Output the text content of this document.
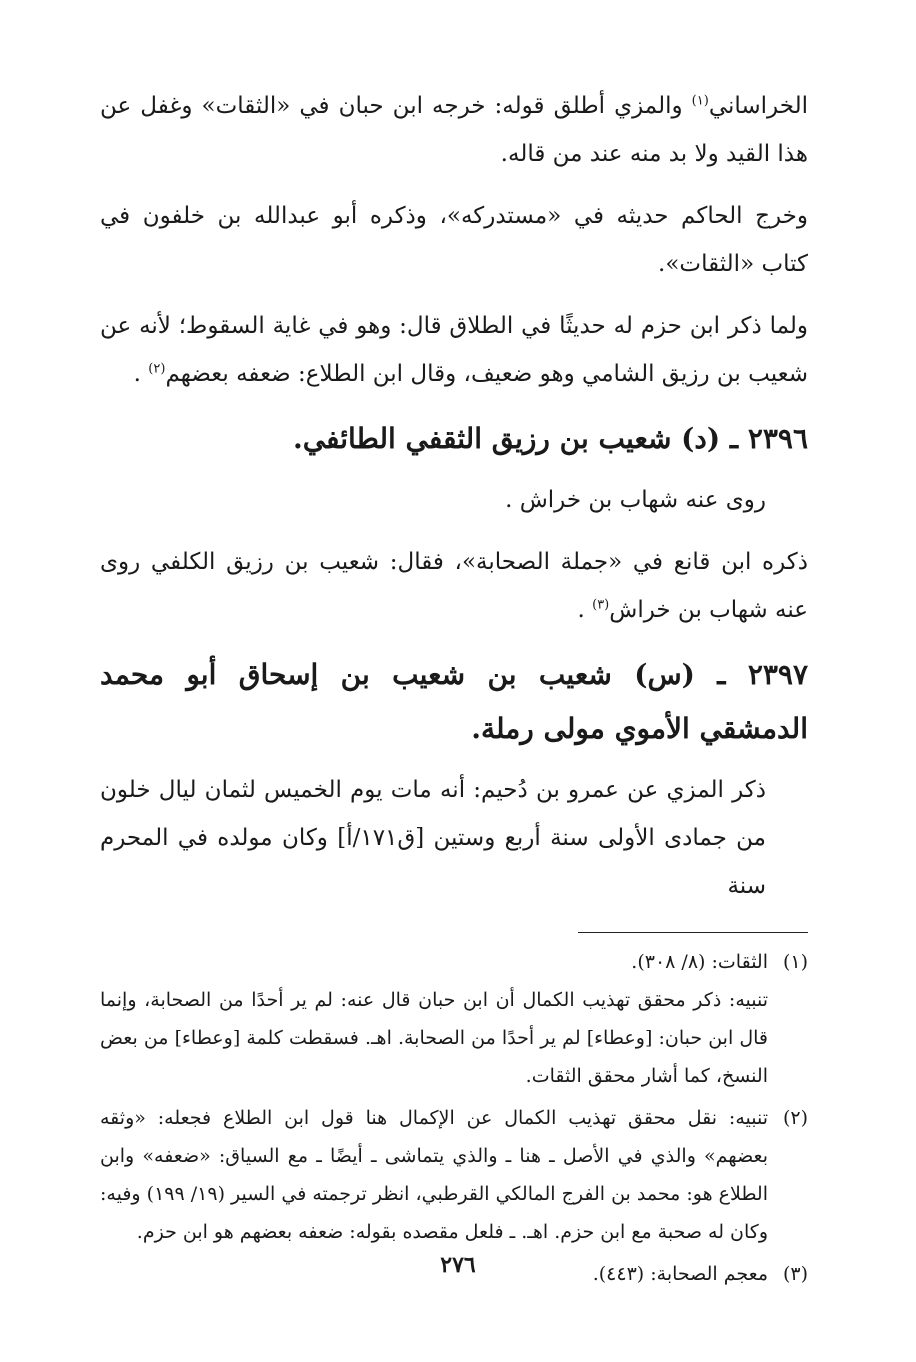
الخراساني$^{(١)}$ والمزي أطلق قوله: خرجه ابن حبان في «الثقات» وغفل عن هذا القيد ولا بد منه عند من قاله.

وخرج الحاكم حديثه في «مستدركه»، وذكره أبو عبدالله بن خلفون في كتاب «الثقات».

ولما ذكر ابن حزم له حديثًا في الطلاق قال: وهو في غاية السقوط؛ لأنه عن شعيب بن رزيق الشامي وهو ضعيف، وقال ابن الطلاع: ضعفه بعضهم$^{(٢)}$ .

٢٣٩٦ ـ (د) شعيب بن رزيق الثقفي الطائفي.

روى عنه شهاب بن خراش .

ذكره ابن قانع في «جملة الصحابة»، فقال: شعيب بن رزيق الكلفي روى عنه شهاب بن خراش$^{(٣)}$ .

٢٣٩٧ ـ (س) شعيب بن شعيب بن إسحاق أبو محمد الدمشقي الأموي مولى رملة.

ذكر المزي عن عمرو بن دُحيم: أنه مات يوم الخميس لثمان ليال خلون من جمادى الأولى سنة أربع وستين [ق١٧١/أ] وكان مولده في المحرم سنة

(١)
الثقات: (٨/ ٣٠٨).
تنبيه: ذكر محقق تهذيب الكمال أن ابن حبان قال عنه: لم ير أحدًا من الصحابة، وإنما قال ابن حبان: [وعطاء] لم ير أحدًا من الصحابة. اهـ. فسقطت كلمة [وعطاء] من بعض النسخ، كما أشار محقق الثقات.
(٢)
تنبيه: نقل محقق تهذيب الكمال عن الإكمال هنا قول ابن الطلاع فجعله: «وثقه بعضهم» والذي في الأصل ـ هنا ـ والذي يتماشى ـ أيضًا ـ مع السياق: «ضعفه» وابن الطلاع هو: محمد بن الفرج المالكي القرطبي، انظر ترجمته في السير (١٩/ ١٩٩) وفيه: وكان له صحبة مع ابن حزم. اهـ. ـ فلعل مقصده بقوله: ضعفه بعضهم هو ابن حزم.
(٣)
معجم الصحابة: (٤٤٣).
٢٧٦
